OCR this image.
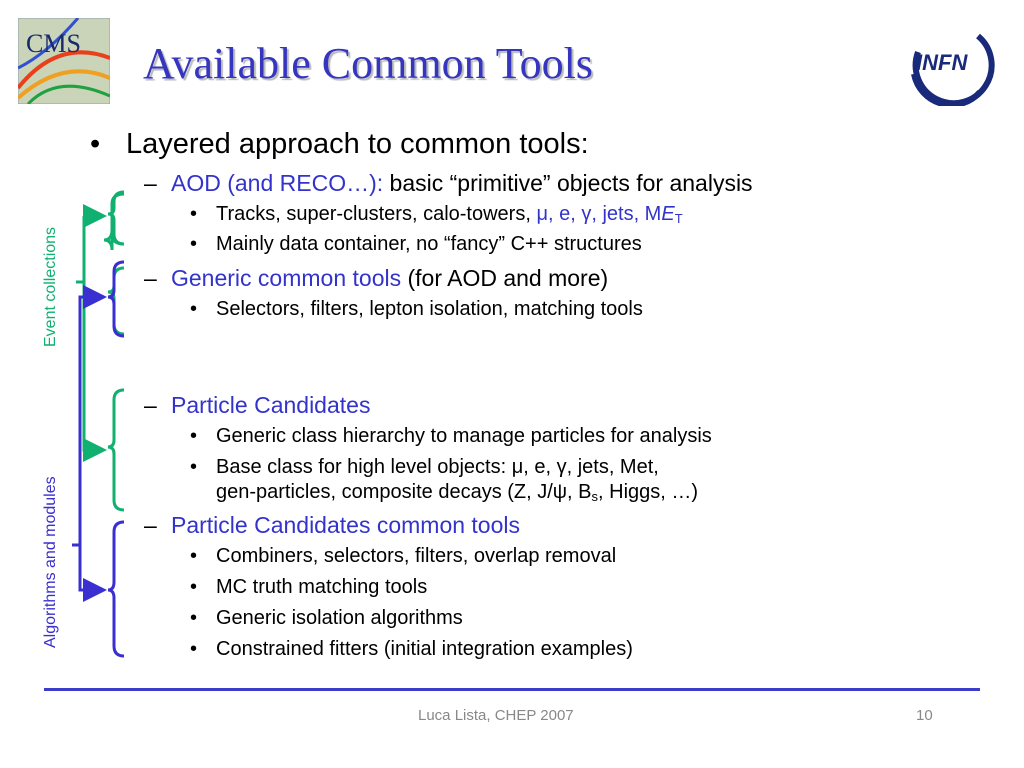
CMS
INFN
Available Common Tools
• Layered approach to common tools:
– AOD (and RECO…): basic “primitive” objects for analysis
• Tracks, super-clusters, calo-towers, μ, e, γ, jets, $ME_T$
• Mainly data container, no “fancy” C++ structures
– Generic common tools (for AOD and more)
• Selectors, filters, lepton isolation, matching tools
– Particle Candidates
• Generic class hierarchy to manage particles for analysis
• Base class for high level objects: μ, e, γ, jets, Met,
gen-particles, composite decays (Z, J/ψ, $B_s$, Higgs, …)
– Particle Candidates common tools
• Combiners, selectors, filters, overlap removal
• MC truth matching tools
• Generic isolation algorithms
• Constrained fitters (initial integration examples)
Event collections
Algorithms and modules
Luca Lista, CHEP 2007	10
